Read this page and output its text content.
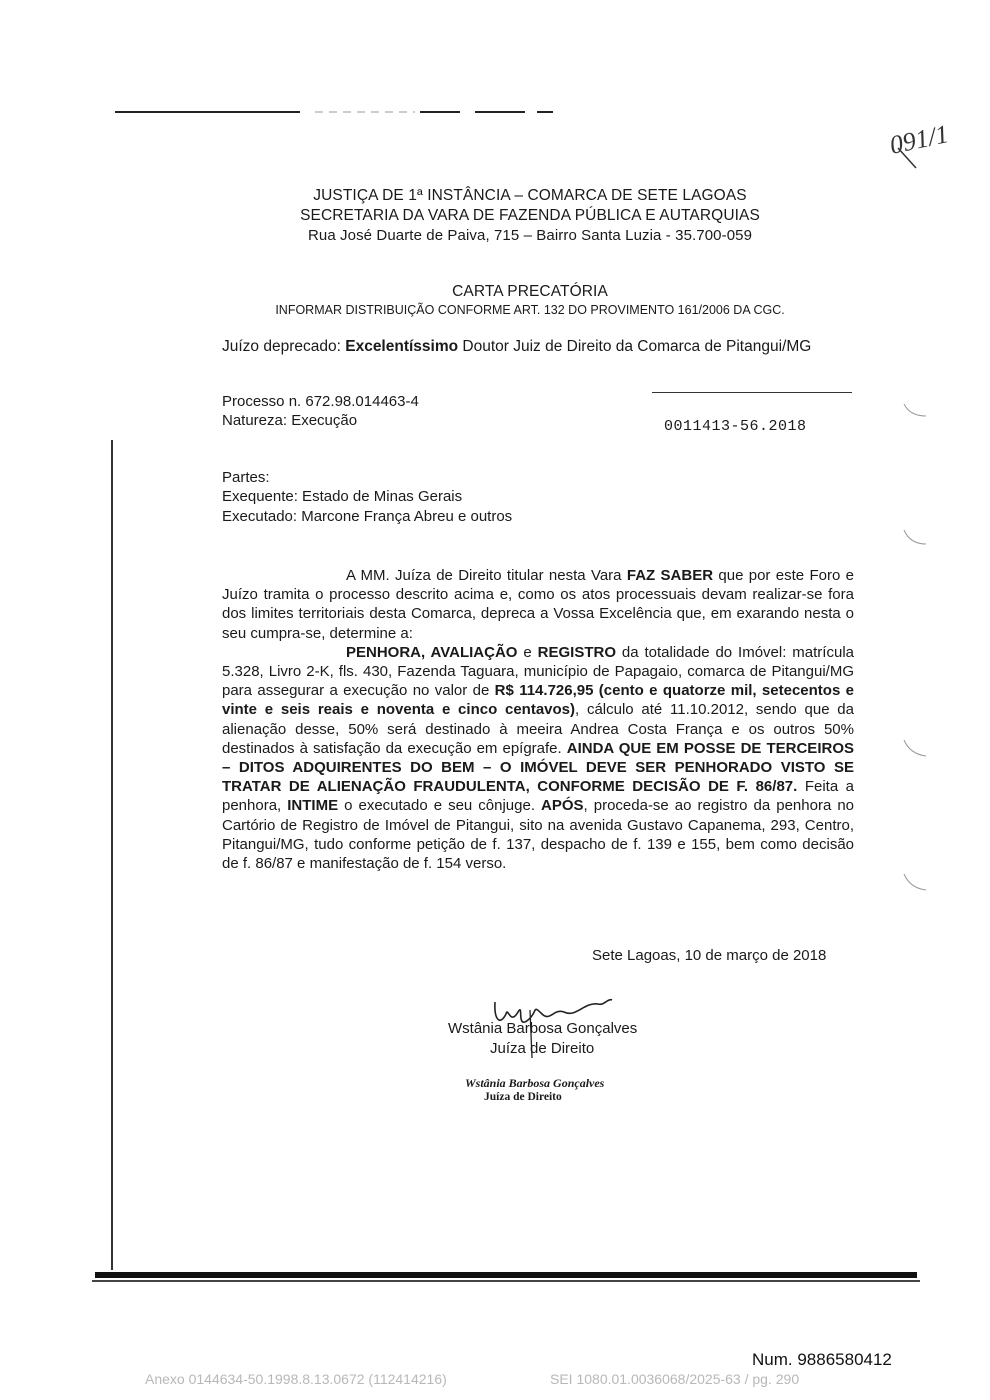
091/1
JUSTIÇA DE 1ª INSTÂNCIA – COMARCA DE SETE LAGOAS
SECRETARIA DA VARA DE FAZENDA PÚBLICA E AUTARQUIAS
Rua José Duarte de Paiva, 715 – Bairro Santa Luzia - 35.700-059
CARTA PRECATÓRIA
INFORMAR DISTRIBUIÇÃO CONFORME ART. 132 DO PROVIMENTO 161/2006 DA CGC.
Juízo deprecado: Excelentíssimo Doutor Juiz de Direito da Comarca de Pitangui/MG
Processo n. 672.98.014463-4
Natureza: Execução	0011413-56.2018
Partes:
Exequente: Estado de Minas Gerais
Executado: Marcone França Abreu e outros

A MM. Juíza de Direito titular nesta Vara FAZ SABER que por este Foro e Juízo tramita o processo descrito acima e, como os atos processuais devam realizar-se fora dos limites territoriais desta Comarca, depreca a Vossa Excelência que, em exarando nesta o seu cumpra-se, determine a:

PENHORA, AVALIAÇÃO e REGISTRO da totalidade do Imóvel: matrícula 5.328, Livro 2-K, fls. 430, Fazenda Taguara, município de Papagaio, comarca de Pitangui/MG para assegurar a execução no valor de R$ 114.726,95 (cento e quatorze mil, setecentos e vinte e seis reais e noventa e cinco centavos), cálculo até 11.10.2012, sendo que da alienação desse, 50% será destinado à meeira Andrea Costa França e os outros 50% destinados à satisfação da execução em epígrafe. AINDA QUE EM POSSE DE TERCEIROS – DITOS ADQUIRENTES DO BEM – O IMÓVEL DEVE SER PENHORADO VISTO SE TRATAR DE ALIENAÇÃO FRAUDULENTA, CONFORME DECISÃO DE F. 86/87. Feita a penhora, INTIME o executado e seu cônjuge. APÓS, proceda-se ao registro da penhora no Cartório de Registro de Imóvel de Pitangui, sito na avenida Gustavo Capanema, 293, Centro, Pitangui/MG, tudo conforme petição de f. 137, despacho de f. 139 e 155, bem como decisão de f. 86/87 e manifestação de f. 154 verso.

Sete Lagoas, 10 de março de 2018
Wstânia Barbosa Gonçalves
Juíza de Direito
Wstânia Barbosa Gonçalves
Juíza de Direito
Num. 9886580412
Anexo 0144634-50.1998.8.13.0672 (112414216)	SEI 1080.01.0036068/2025-63 / pg. 290
